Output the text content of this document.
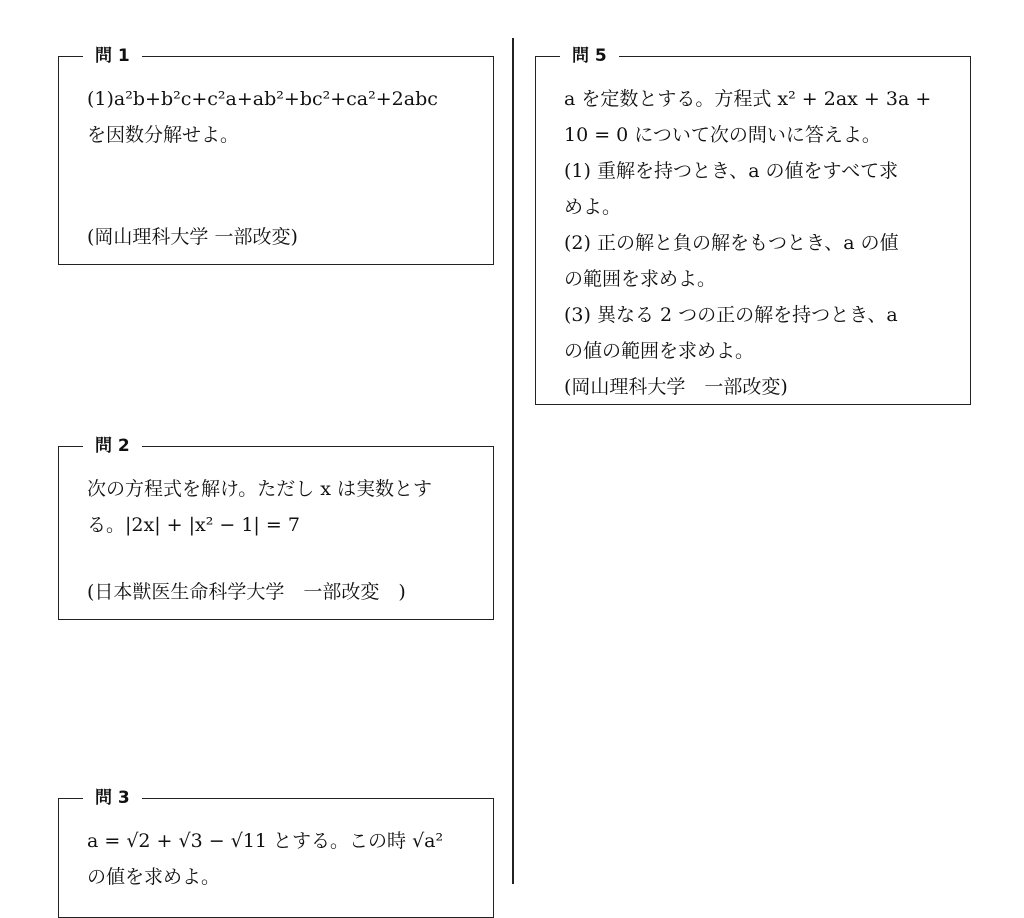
問 1

(1)a²b+b²c+c²a+ab²+bc²+ca²+2abc

を因数分解せよ。

(岡山理科大学 一部改変)
問 2

次の方程式を解け。ただし x は実数とす

る。|2x| + |x² − 1| = 7

(日本獣医生命科学大学　一部改変　)
問 3

a = √2 + √3 − √11 とする。この時 √a²

の値を求めよ。

問 5

a を定数とする。方程式 x² + 2ax + 3a +

10 = 0 について次の問いに答えよ。

(1) 重解を持つとき、a の値をすべて求

めよ。

(2) 正の解と負の解をもつとき、a の値

の範囲を求めよ。

(3) 異なる 2 つの正の解を持つとき、a

の値の範囲を求めよ。

(岡山理科大学　一部改変)
